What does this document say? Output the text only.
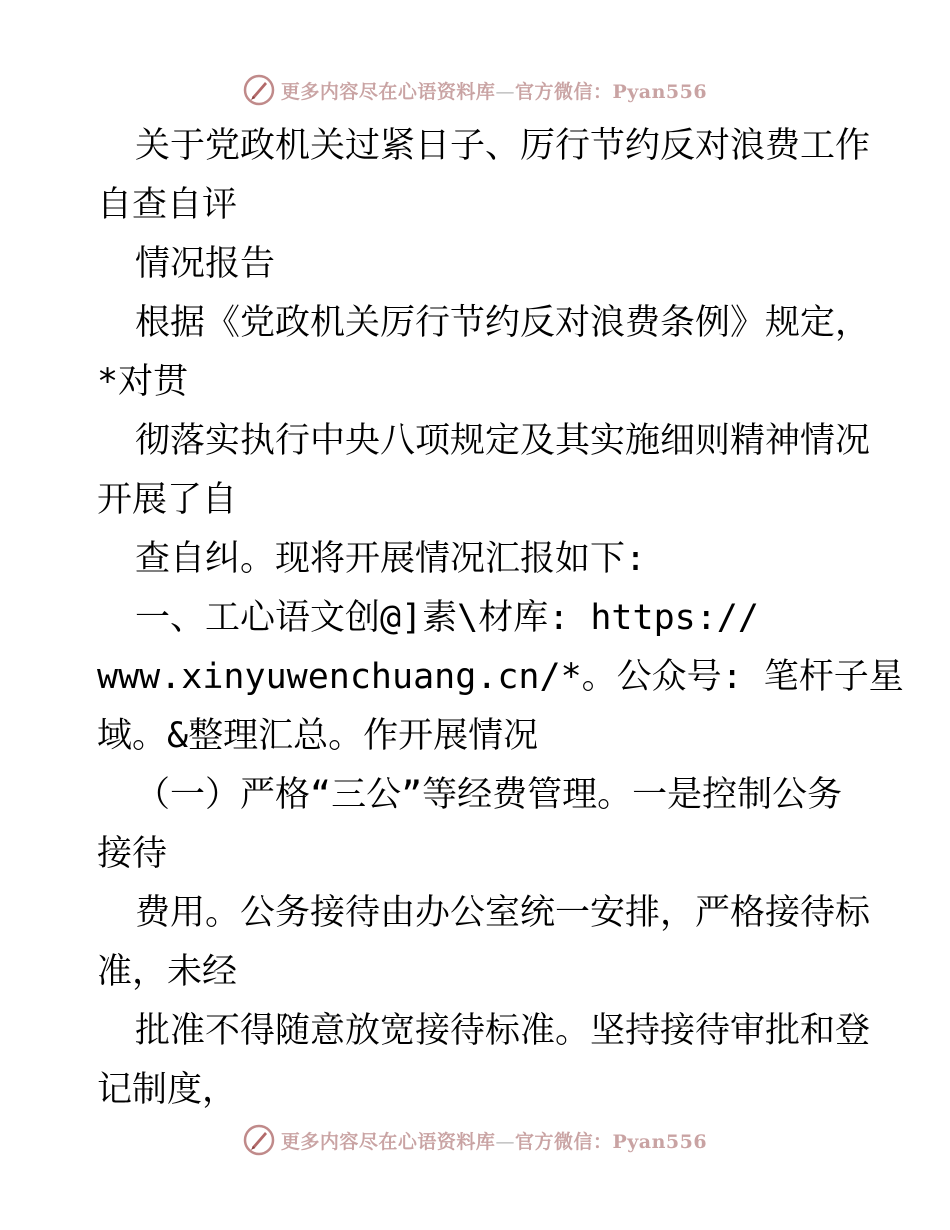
更多内容尽在心语资料库—官方微信：Pyan556
关于党政机关过紧日子、厉行节约反对浪费工作
自查自评
情况报告
根据《党政机关厉行节约反对浪费条例》规定，
*对贯
彻落实执行中央八项规定及其实施细则精神情况
开展了自
查自纠。现将开展情况汇报如下:
一、工心语文创@]素\材库: https://
www.xinyuwenchuang.cn/*。公众号: 笔杆子星
域。&整理汇总。作开展情况
（一）严格“三公”等经费管理。一是控制公务
接待
费用。公务接待由办公室统一安排，严格接待标
准，未经
批准不得随意放宽接待标准。坚持接待审批和登
记制度，
更多内容尽在心语资料库—官方微信：Pyan556
